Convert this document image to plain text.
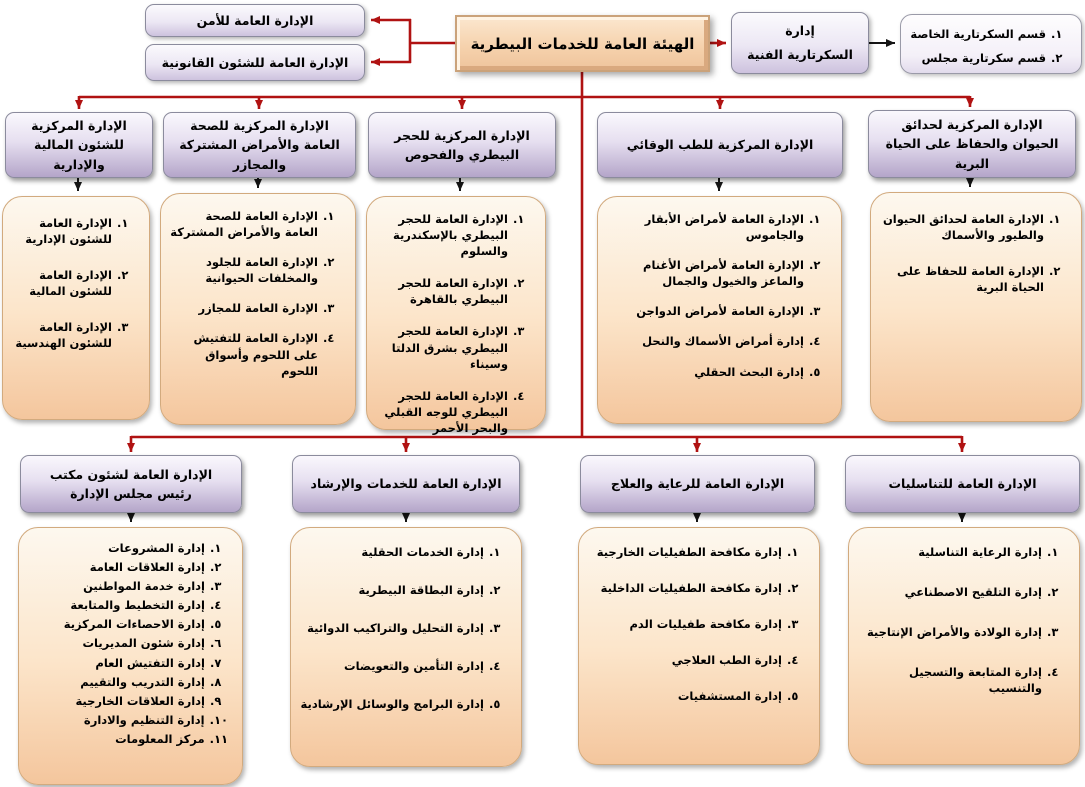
الهيئة العامة للخدمات البيطرية
الإدارة العامة للأمن
الإدارة العامة للشئون القانونية
إدارة
السكرتارية الفنية
١.
قسم السكرتارية الخاصة
٢.
قسم سكرتارية مجلس
الإدارة المركزية للشئون المالية والإدارية
الإدارة المركزية للصحة العامة والأمراض المشتركة والمجازر
الإدارة المركزية للحجر البيطري والفحوص
الإدارة المركزية للطب الوقائي
الإدارة المركزية لحدائق الحيوان والحفاظ على الحياة البرية
١.
الإدارة العامة للشئون الإدارية
٢.
الإدارة العامة للشئون المالية
٣.
الإدارة العامة للشئون الهندسية
١.
الإدارة العامة للصحة العامة والأمراض المشتركة
٢.
الإدارة العامة للجلود والمخلفات الحيوانية
٣.
الإدارة العامة للمجازر
٤.
الإدارة العامة للتفتيش على اللحوم وأسواق اللحوم
١.
الإدارة العامة للحجر البيطري بالإسكندرية والسلوم
٢.
الإدارة العامة للحجر البيطري بالقاهرة
٣.
الإدارة العامة للحجر البيطري بشرق الدلتا وسيناء
٤.
الإدارة العامة للحجر البيطري للوجه القبلي والبحر الأحمر
١.
الإدارة العامة لأمراض الأبقار والجاموس
٢.
الإدارة العامة لأمراض الأغنام والماعز والخيول والجمال
٣.
الإدارة العامة لأمراض الدواجن
٤.
إدارة أمراض الأسماك والنحل
٥.
إدارة البحث الحقلي
١.
الإدارة العامة لحدائق الحيوان والطيور والأسماك
٢.
الإدارة العامة للحفاظ على الحياة البرية
الإدارة العامة لشئون مكتب رئيس مجلس الإدارة
الإدارة العامة للخدمات والإرشاد	الإدارة العامة للرعاية والعلاج	الإدارة العامة للتناسليات
١.
إدارة المشروعات
٢.
إدارة العلاقات العامة
٣.
إدارة خدمة المواطنين
٤.
إدارة التخطيط والمتابعة
٥.
إدارة الاحصاءات المركزية
٦.
إدارة شئون المديريات
٧.
إدارة التفتيش العام
٨.
إدارة التدريب والتقييم
٩.
إدارة العلاقات الخارجية
١٠.
إدارة التنظيم والادارة
١١.
مركز المعلومات
١.
إدارة الخدمات الحقلية
٢.
إدارة البطاقة البيطرية
٣.
إدارة التحليل والتراكيب الدوائية
٤.
إدارة التأمين والتعويضات
٥.
إدارة البرامج والوسائل الإرشادية
١.
إدارة مكافحة الطفيليات الخارجية
٢.
إدارة مكافحة الطفيليات الداخلية
٣.
إدارة مكافحة طفيليات الدم
٤.
إدارة الطب العلاجي
٥.
إدارة المستشفيات
١.
إدارة الرعاية التناسلية
٢.
إدارة التلقيح الاصطناعي
٣.
إدارة الولادة والأمراض الإنتاجية
٤.
إدارة المتابعة والتسجيل والتنسيب
